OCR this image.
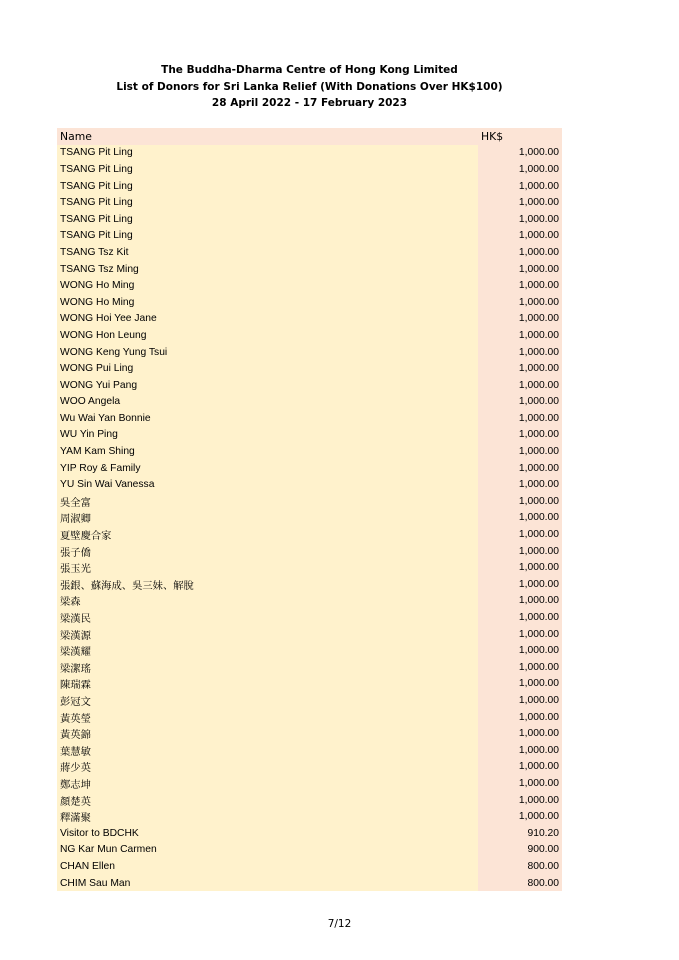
The Buddha-Dharma Centre of Hong Kong Limited
List of Donors for Sri Lanka Relief (With Donations Over HK$100)
28 April 2022 - 17 February 2023
Name	HK$
TSANG Pit Ling	1,000.00
TSANG Pit Ling	1,000.00
TSANG Pit Ling	1,000.00
TSANG Pit Ling	1,000.00
TSANG Pit Ling	1,000.00
TSANG Pit Ling	1,000.00
TSANG Tsz Kit	1,000.00
TSANG Tsz Ming	1,000.00
WONG Ho Ming	1,000.00
WONG Ho Ming	1,000.00
WONG Hoi Yee Jane	1,000.00
WONG Hon Leung	1,000.00
WONG Keng Yung Tsui	1,000.00
WONG Pui Ling	1,000.00
WONG Yui Pang	1,000.00
WOO Angela	1,000.00
Wu Wai Yan Bonnie	1,000.00
WU Yin Ping	1,000.00
YAM Kam Shing	1,000.00
YIP Roy & Family	1,000.00
YU Sin Wai Vanessa	1,000.00
吳全富	1,000.00
周淑卿	1,000.00
夏壁慶合家	1,000.00
張子僑	1,000.00
張玉光	1,000.00
張銀、蘇海成、吳三妹、解脫	1,000.00
梁森	1,000.00
梁漢民	1,000.00
梁漢源	1,000.00
梁漢耀	1,000.00
梁潔瑤	1,000.00
陳瑞霖	1,000.00
彭冠文	1,000.00
黃英瑩	1,000.00
黃英錦	1,000.00
葉慧敏	1,000.00
蔣少英	1,000.00
鄭志坤	1,000.00
顏楚英	1,000.00
釋滿聚	1,000.00
Visitor to BDCHK	910.20
NG Kar Mun Carmen	900.00
CHAN Ellen	800.00
CHIM Sau Man	800.00
7/12
